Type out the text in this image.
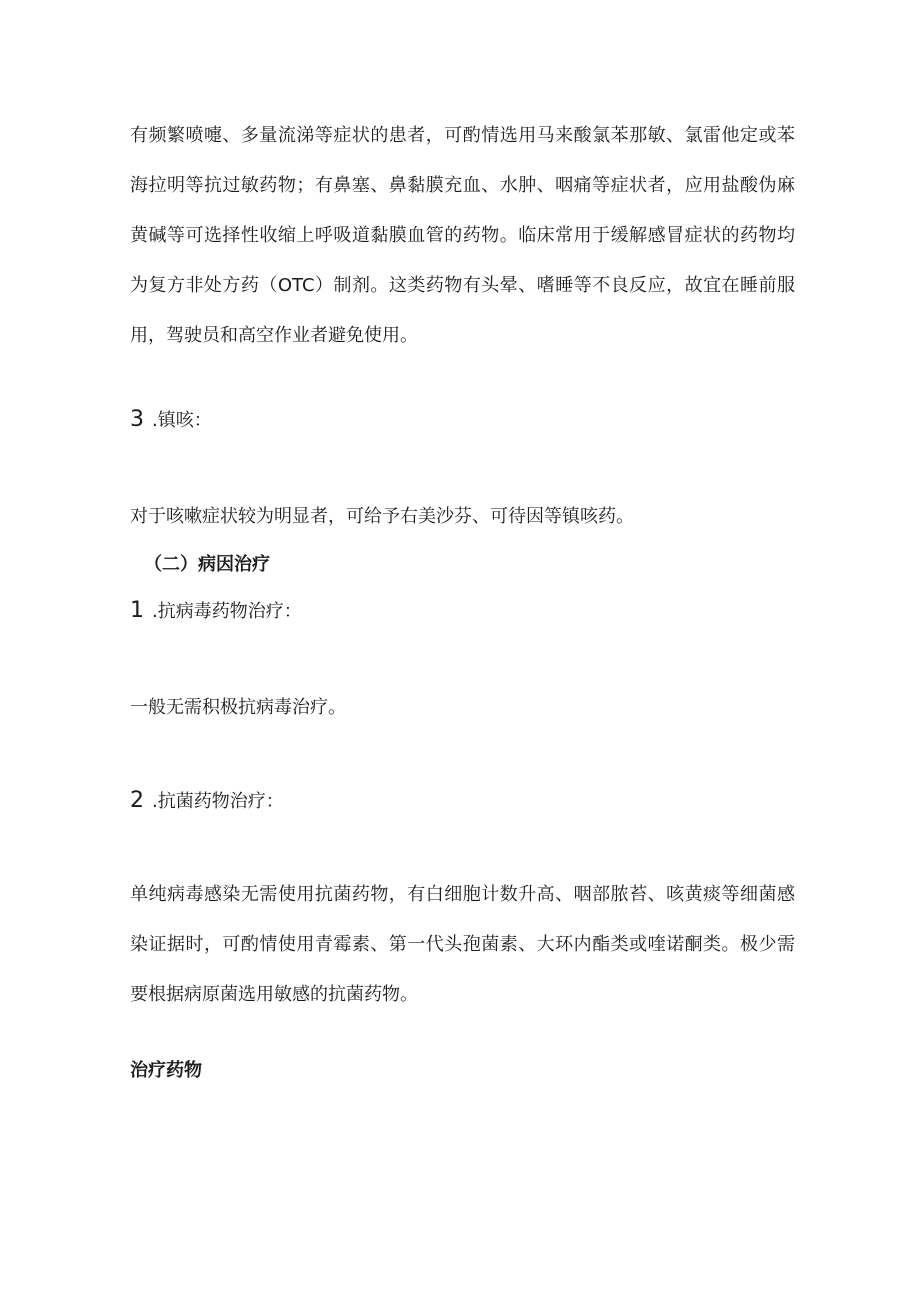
有频繁喷嚏、多量流涕等症状的患者，可酌情选用马来酸氯苯那敏、氯雷他定或苯海拉明等抗过敏药物；有鼻塞、鼻黏膜充血、水肿、咽痛等症状者，应用盐酸伪麻黄碱等可选择性收缩上呼吸道黏膜血管的药物。临床常用于缓解感冒症状的药物均为复方非处方药（OTC）制剂。这类药物有头晕、嗜睡等不良反应，故宜在睡前服用，驾驶员和高空作业者避免使用。

3 .镇咳：

对于咳嗽症状较为明显者，可给予右美沙芬、可待因等镇咳药。

（二）病因治疗

1 .抗病毒药物治疗：

一般无需积极抗病毒治疗。

2 .抗菌药物治疗：

单纯病毒感染无需使用抗菌药物，有白细胞计数升高、咽部脓苔、咳黄痰等细菌感染证据时，可酌情使用青霉素、第一代头孢菌素、大环内酯类或喹诺酮类。极少需要根据病原菌选用敏感的抗菌药物。

治疗药物
